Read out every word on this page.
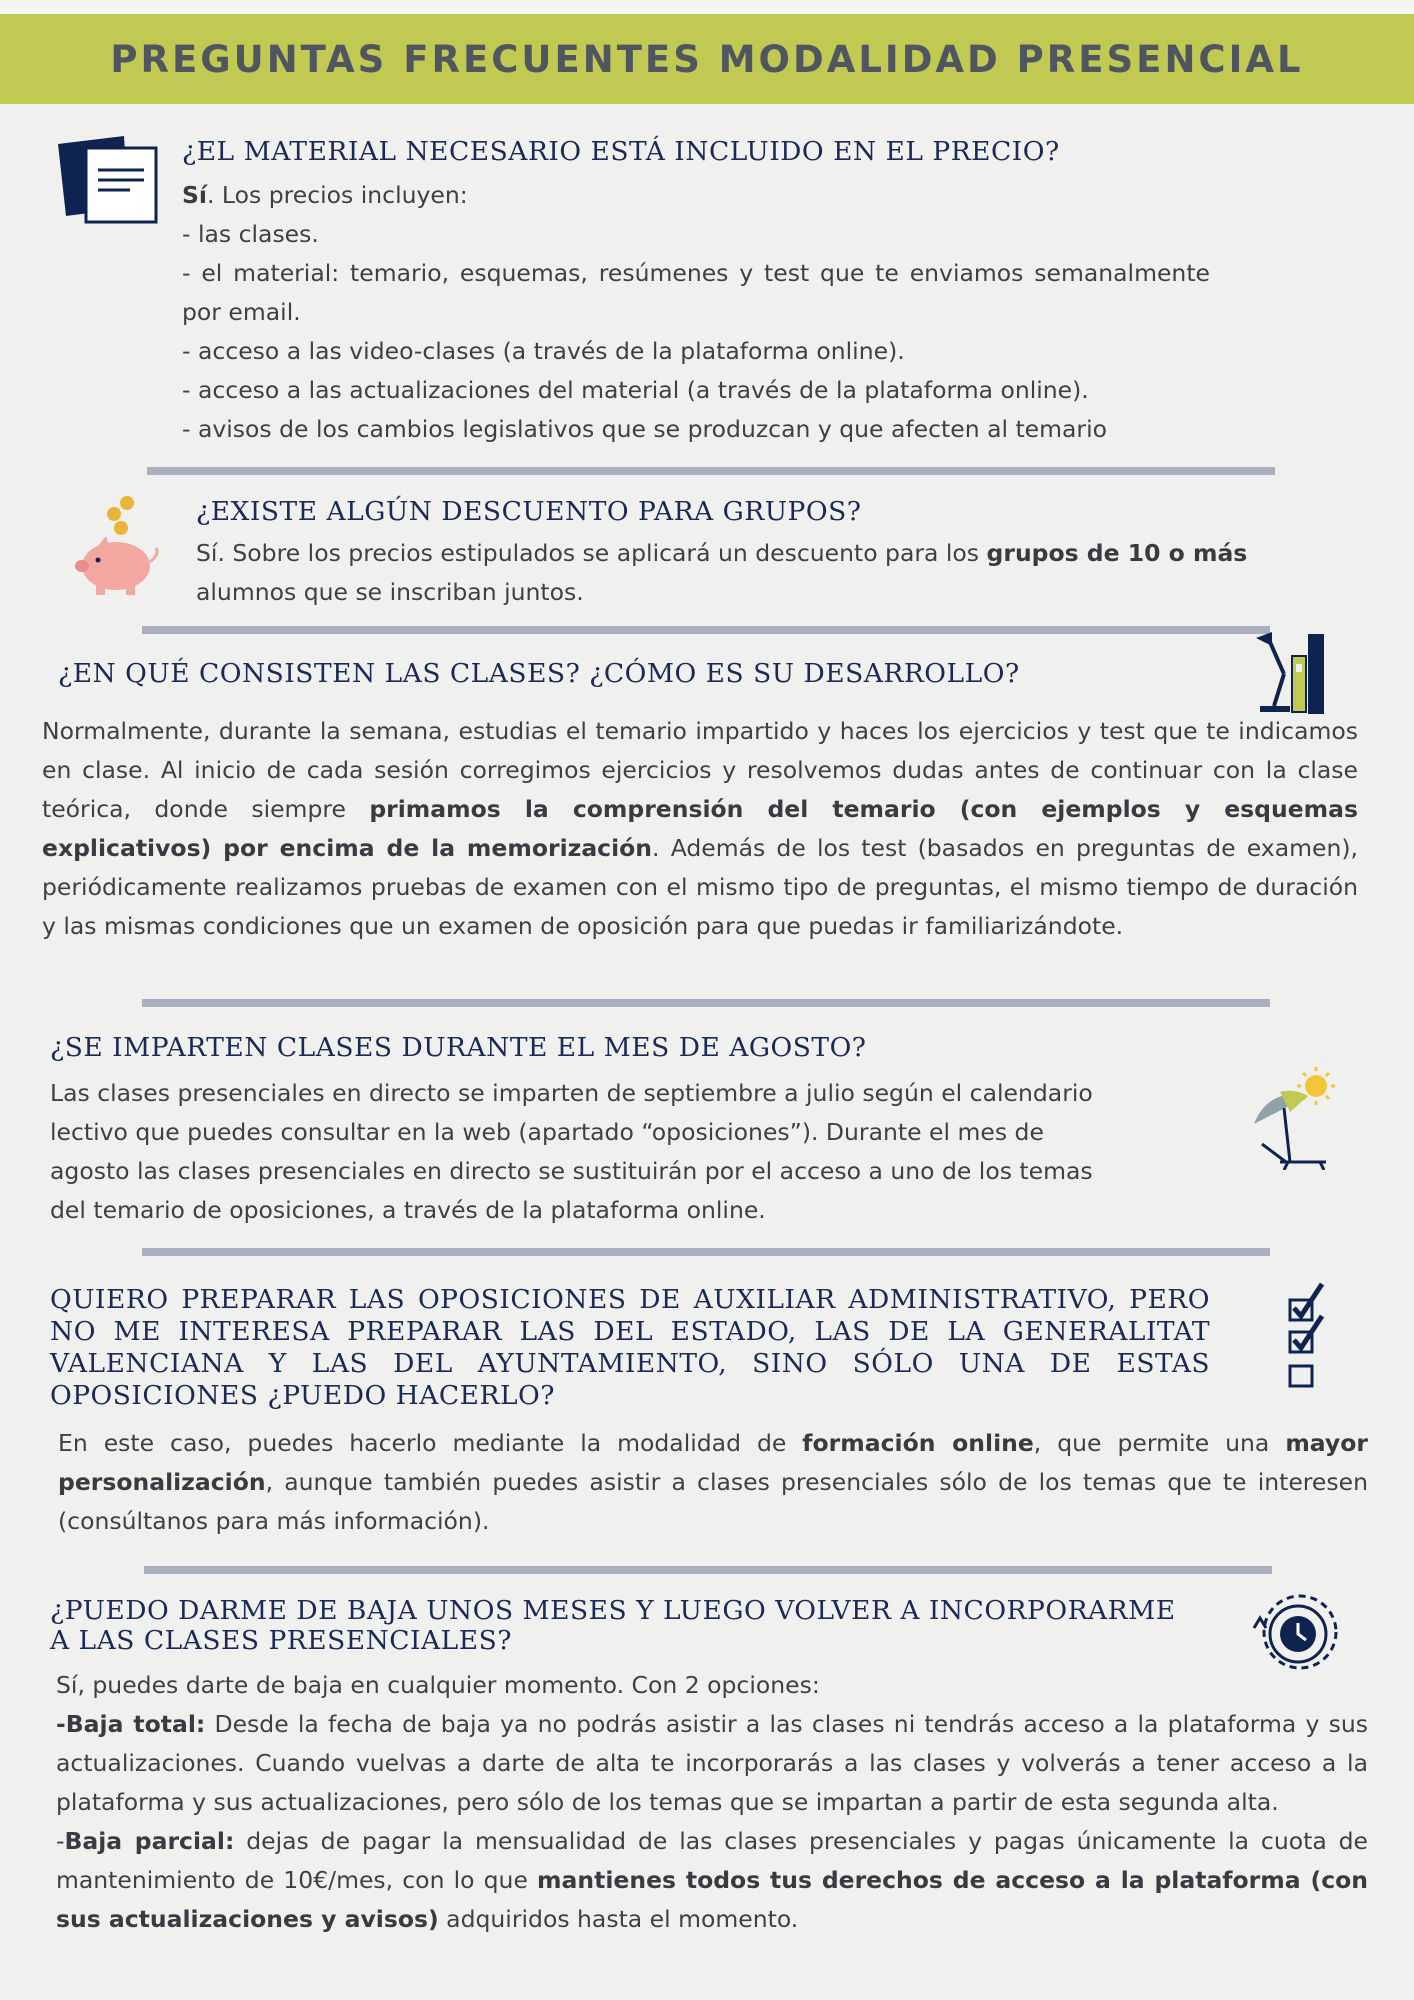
PREGUNTAS FRECUENTES MODALIDAD PRESENCIAL
¿EL MATERIAL NECESARIO ESTÁ INCLUIDO EN EL PRECIO?

Sí. Los precios incluyen:

- las clases.

- el material: temario, esquemas, resúmenes y test que te enviamos semanalmente por email.

- acceso a las video-clases (a través de la plataforma online).

- acceso a las actualizaciones del material (a través de la plataforma online).

- avisos de los cambios legislativos que se produzcan y que afecten al temario

¿EXISTE ALGÚN DESCUENTO PARA GRUPOS?

Sí. Sobre los precios estipulados se aplicará un descuento para los grupos de 10 o más alumnos que se inscriban juntos.

¿EN QUÉ CONSISTEN LAS CLASES? ¿CÓMO ES SU DESARROLLO?

Normalmente, durante la semana, estudias el temario impartido y haces los ejercicios y test que te indicamos en clase. Al inicio de cada sesión corregimos ejercicios y resolvemos dudas antes de continuar con la clase teórica, donde siempre primamos la comprensión del temario (con ejemplos y esquemas explicativos) por encima de la memorización. Además de los test (basados en preguntas de examen), periódicamente realizamos pruebas de examen con el mismo tipo de preguntas, el mismo tiempo de duración y las mismas condiciones que un examen de oposición para que puedas ir familiarizándote.

¿SE IMPARTEN CLASES DURANTE EL MES DE AGOSTO?

Las clases presenciales en directo se imparten de septiembre a julio según el calendario

lectivo que puedes consultar en la web (apartado “oposiciones”). Durante el mes de

agosto las clases presenciales en directo se sustituirán por el acceso a uno de los temas

del temario de oposiciones, a través de la plataforma online.

QUIERO PREPARAR LAS OPOSICIONES DE AUXILIAR ADMINISTRATIVO, PERO NO ME INTERESA PREPARAR LAS DEL ESTADO, LAS DE LA GENERALITAT VALENCIANA Y LAS DEL AYUNTAMIENTO, SINO SÓLO UNA DE ESTAS OPOSICIONES ¿PUEDO HACERLO?

En este caso, puedes hacerlo mediante la modalidad de formación online, que permite una mayor personalización, aunque también puedes asistir a clases presenciales sólo de los temas que te interesen (consúltanos para más información).

¿PUEDO DARME DE BAJA UNOS MESES Y LUEGO VOLVER A INCORPORARME
A LAS CLASES PRESENCIALES?

Sí, puedes darte de baja en cualquier momento. Con 2 opciones:

-Baja total: Desde la fecha de baja ya no podrás asistir a las clases ni tendrás acceso a la plataforma y sus actualizaciones. Cuando vuelvas a darte de alta te incorporarás a las clases y volverás a tener acceso a la plataforma y sus actualizaciones, pero sólo de los temas que se impartan a partir de esta segunda alta.

-Baja parcial: dejas de pagar la mensualidad de las clases presenciales y pagas únicamente la cuota de mantenimiento de 10€/mes, con lo que mantienes todos tus derechos de acceso a la plataforma (con sus actualizaciones y avisos) adquiridos hasta el momento.
